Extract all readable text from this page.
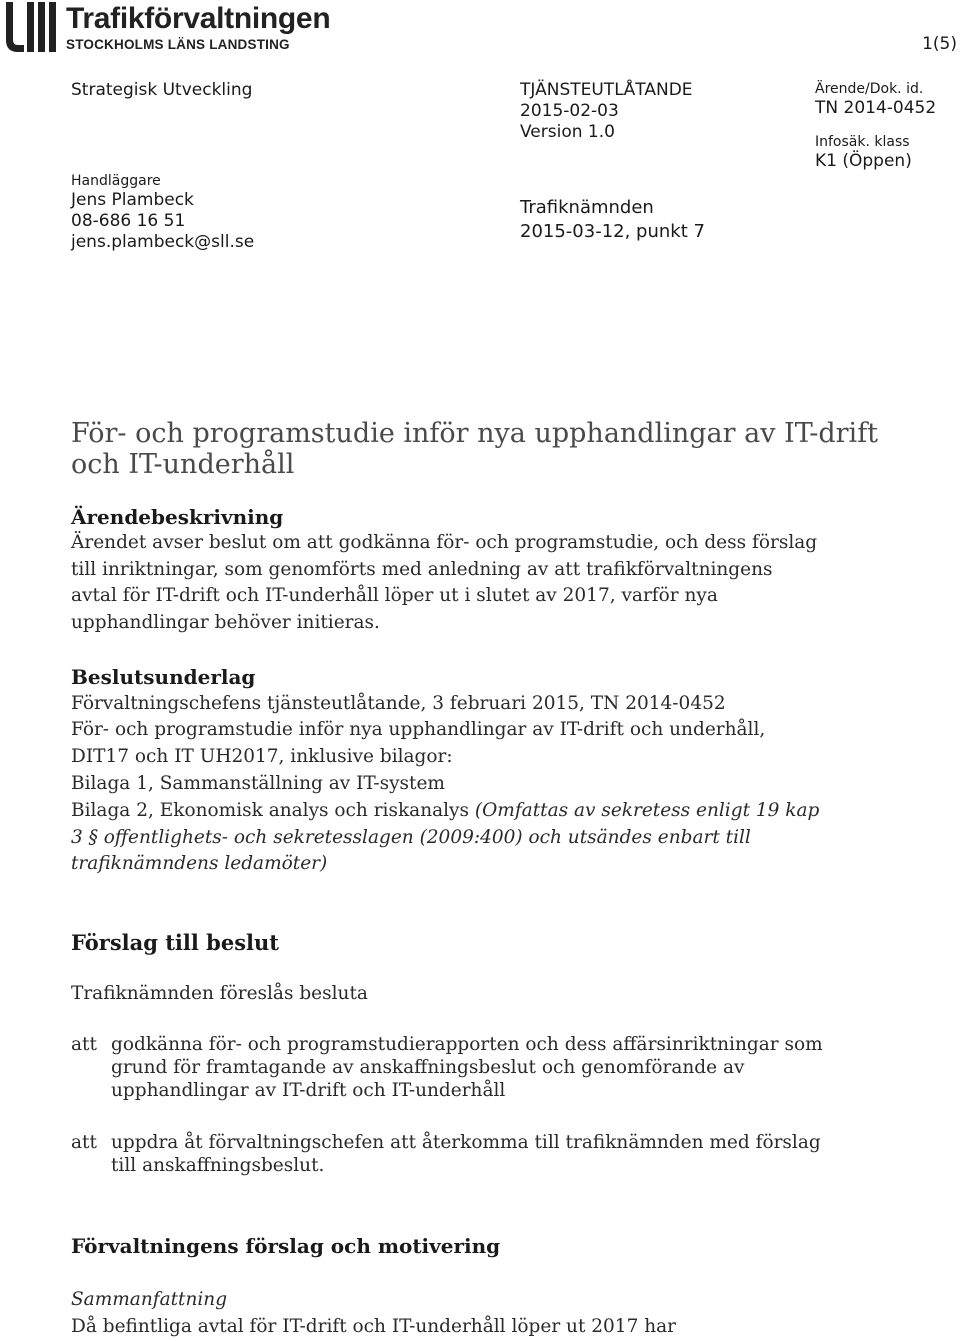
Trafikförvaltningen
STOCKHOLMS LÄNS LANDSTING	1(5)
Strategisk Utveckling
Handläggare
Jens Plambeck
08-686 16 51
jens.plambeck@sll.se
TJÄNSTEUTLÅTANDE
2015-02-03
Version 1.0
Trafiknämnden
2015-03-12, punkt 7
Ärende/Dok. id.
TN 2014-0452
Infosäk. klass
K1 (Öppen)
För- och programstudie inför nya upphandlingar av IT-drift och IT-underhåll
Ärendebeskrivning
Ärendet avser beslut om att godkänna för- och programstudie, och dess förslag till inriktningar, som genomförts med anledning av att trafikförvaltningens avtal för IT-drift och IT-underhåll löper ut i slutet av 2017, varför nya upphandlingar behöver initieras.
Beslutsunderlag
Förvaltningschefens tjänsteutlåtande, 3 februari 2015, TN 2014-0452
För- och programstudie inför nya upphandlingar av IT-drift och underhåll,
DIT17 och IT UH2017, inklusive bilagor:
Bilaga 1, Sammanställning av IT-system
Bilaga 2, Ekonomisk analys och riskanalys (Omfattas av sekretess enligt 19 kap
3 § offentlighets- och sekretesslagen (2009:400) och utsändes enbart till
trafiknämndens ledamöter)
Förslag till beslut
Trafiknämnden föreslås besluta
att godkänna för- och programstudierapporten och dess affärsinriktningar som grund för framtagande av anskaffningsbeslut och genomförande av upphandlingar av IT-drift och IT-underhåll
att uppdra åt förvaltningschefen att återkomma till trafiknämnden med förslag till anskaffningsbeslut.
Förvaltningens förslag och motivering
Sammanfattning
Då befintliga avtal för IT-drift och IT-underhåll löper ut 2017 har
